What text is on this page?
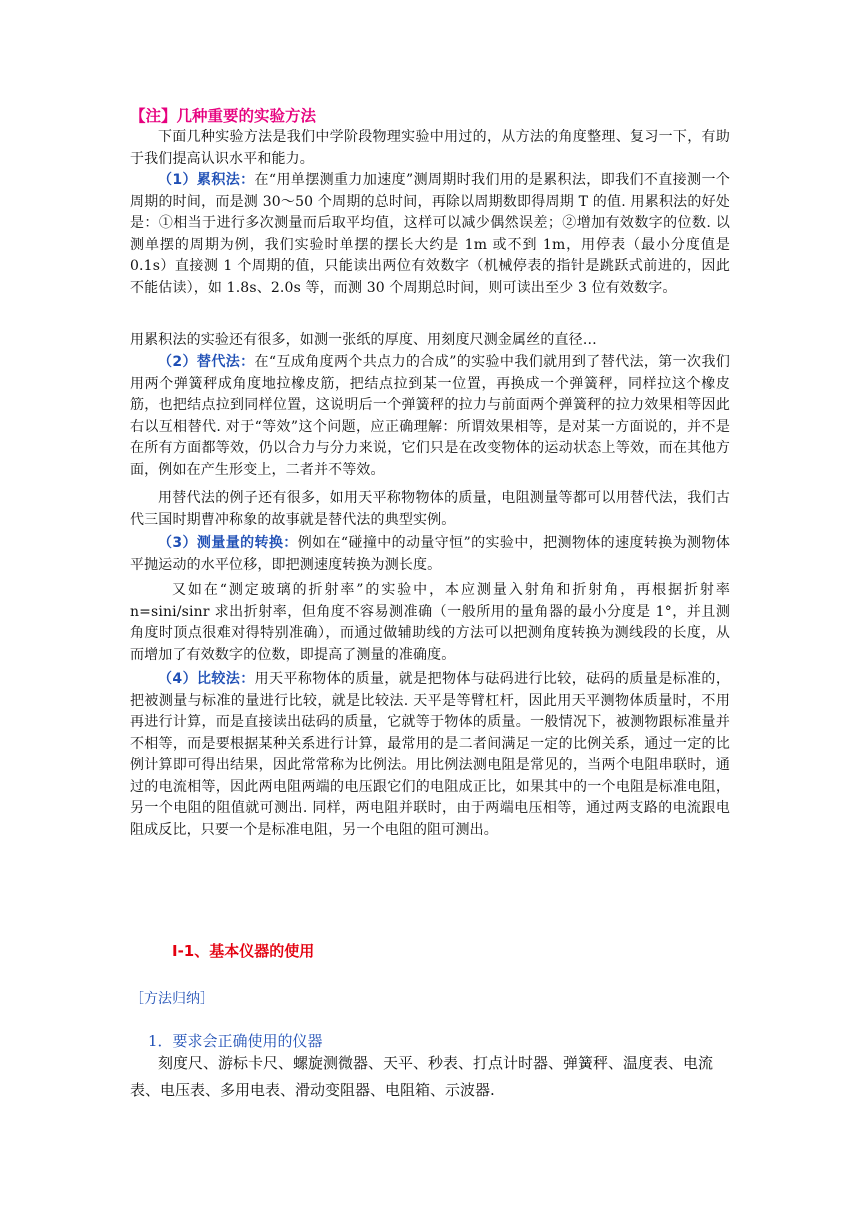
【注】几种重要的实验方法

下面几种实验方法是我们中学阶段物理实验中用过的，从方法的角度整理、复习一下，有助于我们提高认识水平和能力。

（1）累积法：在“用单摆测重力加速度”测周期时我们用的是累积法，即我们不直接测一个周期的时间，而是测 30～50 个周期的总时间，再除以周期数即得周期 T 的值. 用累积法的好处是：①相当于进行多次测量而后取平均值，这样可以减少偶然误差；②增加有效数字的位数. 以测单摆的周期为例，我们实验时单摆的摆长大约是 1m 或不到 1m，用停表（最小分度值是 0.1s）直接测 1 个周期的值，只能读出两位有效数字（机械停表的指针是跳跃式前进的，因此不能估读），如 1.8s、2.0s 等，而测 30 个周期总时间，则可读出至少 3 位有效数字。

用累积法的实验还有很多，如测一张纸的厚度、用刻度尺测金属丝的直径…

（2）替代法：在“互成角度两个共点力的合成”的实验中我们就用到了替代法，第一次我们用两个弹簧秤成角度地拉橡皮筋，把结点拉到某一位置，再换成一个弹簧秤，同样拉这个橡皮筋，也把结点拉到同样位置，这说明后一个弹簧秤的拉力与前面两个弹簧秤的拉力效果相等因此右以互相替代. 对于“等效”这个问题，应正确理解：所谓效果相等，是对某一方面说的，并不是在所有方面都等效，仍以合力与分力来说，它们只是在改变物体的运动状态上等效，而在其他方面，例如在产生形变上，二者并不等效。

用替代法的例子还有很多，如用天平称物物体的质量，电阻测量等都可以用替代法，我们古代三国时期曹冲称象的故事就是替代法的典型实例。

（3）测量量的转换：例如在“碰撞中的动量守恒”的实验中，把测物体的速度转换为测物体平抛运动的水平位移，即把测速度转换为测长度。

又如在“测定玻璃的折射率”的实验中，本应测量入射角和折射角，再根据折射率 n=sini/sinr 求出折射率，但角度不容易测准确（一般所用的量角器的最小分度是 1°，并且测角度时顶点很难对得特别准确），而通过做辅助线的方法可以把测角度转换为测线段的长度，从而增加了有效数字的位数，即提高了测量的准确度。

（4）比较法：用天平称物体的质量，就是把物体与砝码进行比较，砝码的质量是标准的，把被测量与标准的量进行比较，就是比较法. 天平是等臂杠杆，因此用天平测物体质量时，不用再进行计算，而是直接读出砝码的质量，它就等于物体的质量。一般情况下，被测物跟标准量并不相等，而是要根据某种关系进行计算，最常用的是二者间满足一定的比例关系，通过一定的比例计算即可得出结果，因此常常称为比例法。用比例法测电阻是常见的，当两个电阻串联时，通过的电流相等，因此两电阻两端的电压跟它们的电阻成正比，如果其中的一个电阻是标准电阻，另一个电阻的阻值就可测出. 同样，两电阻并联时，由于两端电压相等，通过两支路的电流跟电阻成反比，只要一个是标准电阻，另一个电阻的阻可测出。

Ⅰ-1、基本仪器的使用
［方法归纳］
1．要求会正确使用的仪器

刻度尺、游标卡尺、螺旋测微器、天平、秒表、打点计时器、弹簧秤、温度表、电流表、电压表、多用电表、滑动变阻器、电阻箱、示波器.
